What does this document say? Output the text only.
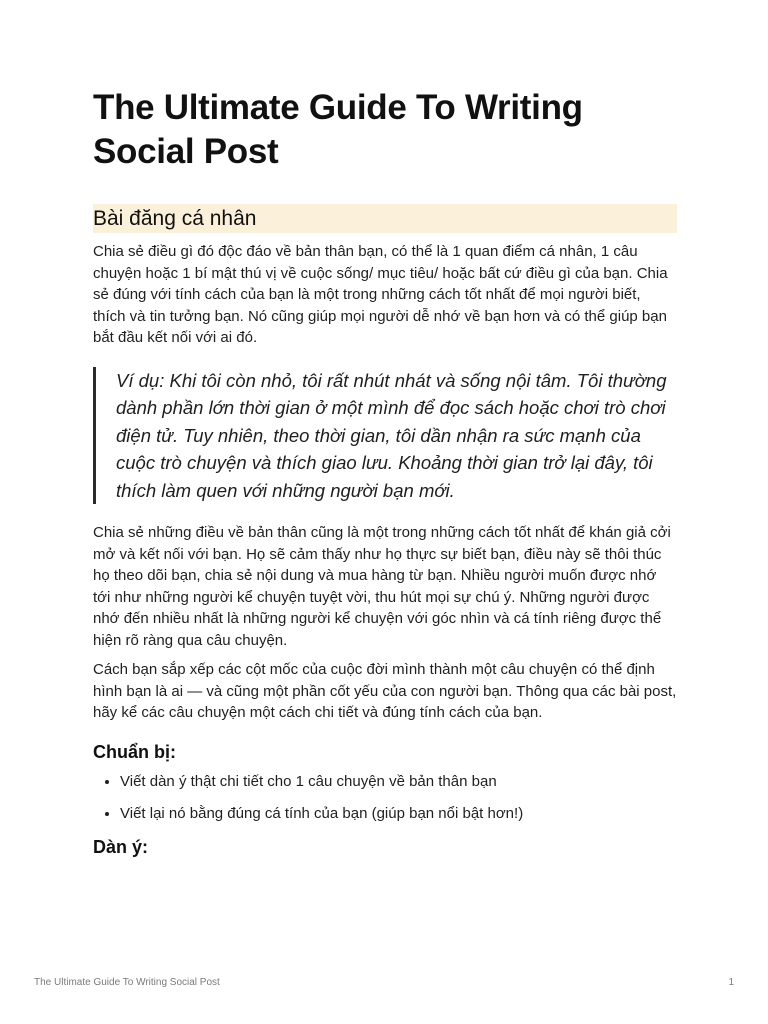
The Ultimate Guide To Writing Social Post
Bài đăng cá nhân

Chia sẻ điều gì đó độc đáo về bản thân bạn, có thể là 1 quan điểm cá nhân, 1 câu chuyện hoặc 1 bí mật thú vị về cuộc sống/ mục tiêu/ hoặc bất cứ điều gì của bạn. Chia sẻ đúng với tính cách của bạn là một trong những cách tốt nhất để mọi người biết, thích và tin tưởng bạn. Nó cũng giúp mọi người dễ nhớ về bạn hơn và có thể giúp bạn bắt đầu kết nối với ai đó.

Ví dụ: Khi tôi còn nhỏ, tôi rất nhút nhát và sống nội tâm. Tôi thường dành phần lớn thời gian ở một mình để đọc sách hoặc chơi trò chơi điện tử. Tuy nhiên, theo thời gian, tôi dần nhận ra sức mạnh của cuộc trò chuyện và thích giao lưu. Khoảng thời gian trở lại đây, tôi thích làm quen với những người bạn mới.

Chia sẻ những điều về bản thân cũng là một trong những cách tốt nhất để khán giả cởi mở và kết nối với bạn. Họ sẽ cảm thấy như họ thực sự biết bạn, điều này sẽ thôi thúc họ theo dõi bạn, chia sẻ nội dung và mua hàng từ bạn. Nhiều người muốn được nhớ tới như những người kể chuyện tuyệt vời, thu hút mọi sự chú ý. Những người được nhớ đến nhiều nhất là những người kể chuyện với góc nhìn và cá tính riêng được thể hiện rõ ràng qua câu chuyện.

Cách bạn sắp xếp các cột mốc của cuộc đời mình thành một câu chuyện có thể định hình bạn là ai — và cũng một phần cốt yếu của con người bạn. Thông qua các bài post, hãy kể các câu chuyện một cách chi tiết và đúng tính cách của bạn.

Chuẩn bị:
• Viết dàn ý thật chi tiết cho 1 câu chuyện về bản thân bạn
• Viết lại nó bằng đúng cá tính của bạn (giúp bạn nổi bật hơn!)
Dàn ý:
The Ultimate Guide To Writing Social Post	1
